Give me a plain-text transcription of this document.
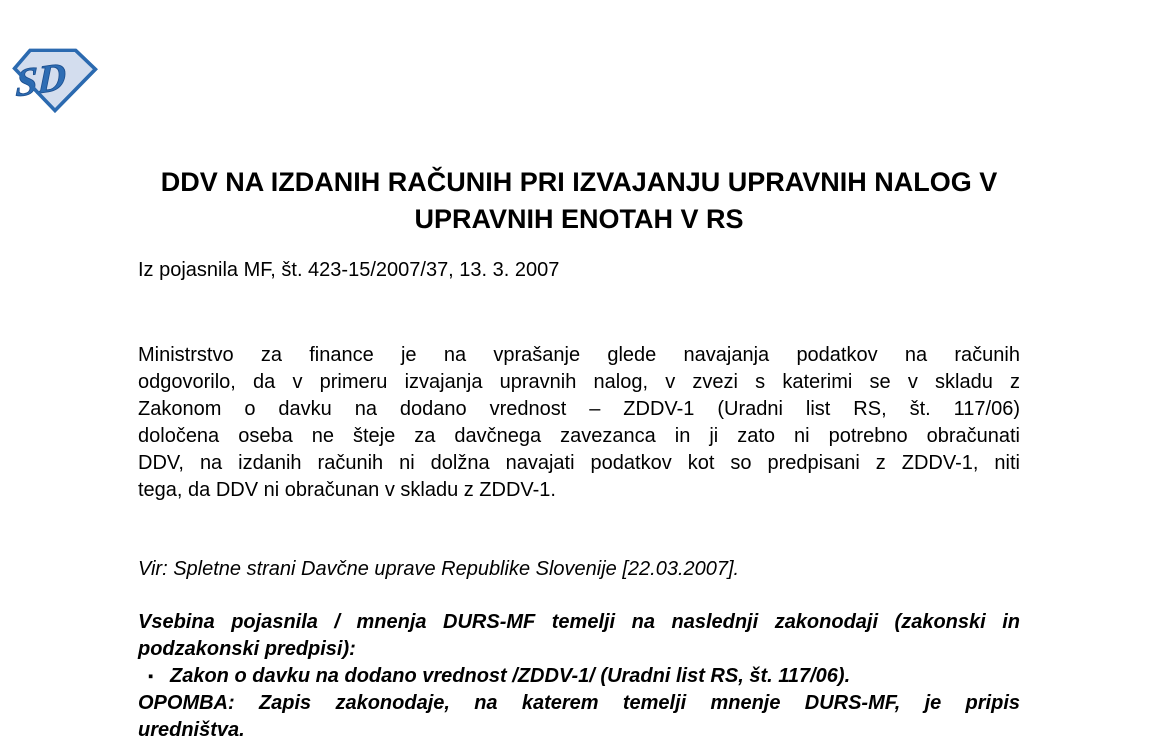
SD
DDV NA IZDANIH RAČUNIH PRI IZVAJANJU UPRAVNIH NALOG V
UPRAVNIH ENOTAH V RS
Iz pojasnila MF, št. 423-15/2007/37, 13. 3. 2007
Ministrstvo za finance je na vprašanje glede navajanja podatkov na računih
odgovorilo, da v primeru izvajanja upravnih nalog, v zvezi s katerimi se v skladu z
Zakonom o davku na dodano vrednost – ZDDV-1 (Uradni list RS, št. 117/06)
določena oseba ne šteje za davčnega zavezanca in ji zato ni potrebno obračunati
DDV, na izdanih računih ni dolžna navajati podatkov kot so predpisani z ZDDV-1, niti
tega, da DDV ni obračunan v skladu z ZDDV-1.
Vir: Spletne strani Davčne uprave Republike Slovenije [22.03.2007].
Vsebina pojasnila / mnenja DURS-MF temelji na naslednji zakonodaji (zakonski in
podzakonski predpisi):
▪ Zakon o davku na dodano vrednost /ZDDV-1/ (Uradni list RS, št. 117/06).
OPOMBA: Zapis zakonodaje, na katerem temelji mnenje DURS-MF, je pripis
uredništva.
